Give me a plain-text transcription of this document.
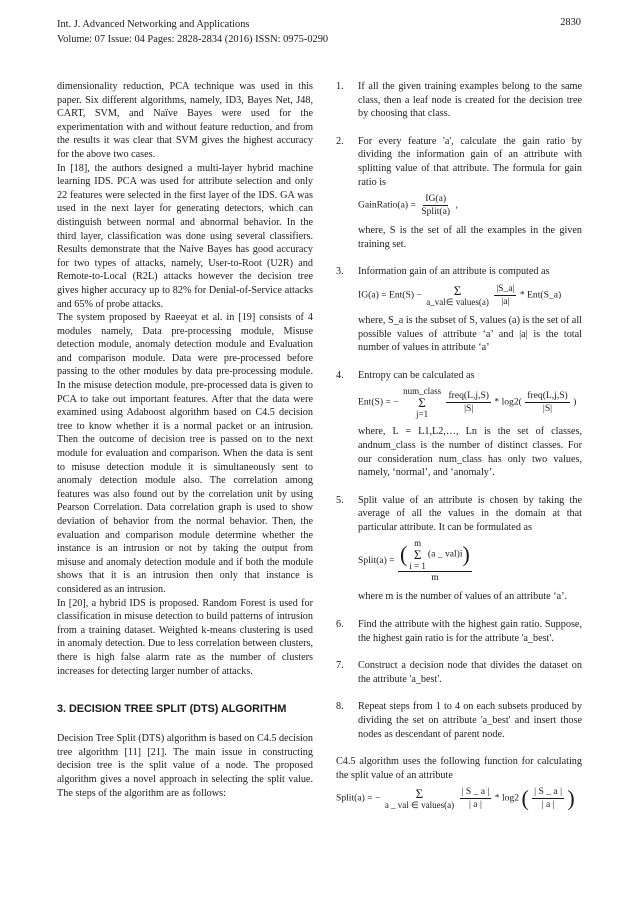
Int. J. Advanced Networking and Applications
Volume: 07 Issue: 04 Pages: 2828-2834 (2016) ISSN: 0975-0290
2830

dimensionality reduction, PCA technique was used in this paper. Six different algorithms, namely, ID3, Bayes Net, J48, CART, SVM, and Naïve Bayes were used for the experimentation with and without feature reduction, and from the results it was clear that SVM gives the highest accuracy for the above two cases.

In [18], the authors designed a multi-layer hybrid machine learning IDS. PCA was used for attribute selection and only 22 features were selected in the first layer of the IDS. GA was used in the next layer for generating detectors, which can distinguish between normal and abnormal behavior. In the third layer, classification was done using several classifiers. Results demonstrate that the Naive Bayes has good accuracy for two types of attacks, namely, User-to-Root (U2R) and Remote-to-Local (R2L) attacks however the decision tree gives higher accuracy up to 82% for Denial-of-Service attacks and 65% of probe attacks.

The system proposed by Raeeyat et al. in [19] consists of 4 modules namely, Data pre-processing module, Misuse detection module, anomaly detection module and Evaluation and comparison module. Data were pre-processed before passing to the other modules by data pre-processing module. In the misuse detection module, pre-processed data is given to PCA to take out important features. After that the data were examined using Adaboost algorithm based on C4.5 decision tree to know whether it is a normal packet or an intrusion. Then the outcome of decision tree is passed on to the next module for evaluation and comparison. When the data is sent to misuse detection module it is simultaneously sent to anomaly detection module also. The correlation among features was also found out by the correlation unit by using Pearson Correlation. Data correlation graph is used to show deviation of behavior from the normal behavior. Then, the evaluation and comparison module determine whether the instance is an intrusion or not by taking the output from misuse and anomaly detection module and if both the module shows that it is an intrusion then only that instance is considered as an intrusion.

In [20], a hybrid IDS is proposed. Random Forest is used for classification in misuse detection to build patterns of intrusion from a training dataset. Weighted k-means clustering is used in anomaly detection. Due to less correlation between clusters, there is high false alarm rate as the number of clusters increases for detecting larger number of attacks.

3. DECISION TREE SPLIT (DTS) ALGORITHM

Decision Tree Split (DTS) algorithm is based on C4.5 decision tree algorithm [11] [21]. The main issue in constructing decision tree is the split value of a node. The proposed algorithm gives a novel approach in selecting the split value. The steps of the algorithm are as follows:

1.	If all the given training examples belong to the same class, then a leaf node is created for the decision tree by choosing that class.
2.	For every feature 'a', calculate the gain ratio by dividing the information gain of an attribute with splitting value of that attribute. The formula for gain ratio is
GainRatio(a) = $\frac{IG(a)}{\text{Split(a)}}$ ,
where, S is the set of all the examples in the given training set.
3.	Information gain of an attribute is computed as
IG(a) = Ent(S) − Σ
a_val∈ values(a)
$\frac{|S\_a|}{|a|}$ * Ent(S_a)
where, S_a is the subset of S, values (a) is the set of all possible values of attribute ‘a’ and |a| is the total number of values in attribute ‘a’
4.	Entropy can be calculated as
Ent(S) = −
num_class
Σ
j=1
$\frac{\text{freq(L,j,S)}}{|S|} * \log 2( \frac{\text{freq(L,j,S)}}{|S|}$ )
where, L = L1,L2,…, Ln is the set of classes, andnum_class is the number of distinct classes. For our consideration num_class has only two values, namely, ‘normal’, and ‘anomaly’.
5.	Split value of an attribute is chosen by taking the average of all the values in the domain at that particular attribute. It can be formulated as
Split(a) = ( m
Σ
i = 1
(a _ val)i)
m
where m is the number of values of an attribute ‘a’.
6.	Find the attribute with the highest gain ratio. Suppose, the highest gain ratio is for the attribute 'a_best'.
7.	Construct a decision node that divides the dataset on the attribute 'a_best'.
8.	Repeat steps from 1 to 4 on each subsets produced by dividing the set on attribute 'a_best' and insert those nodes as descendant of parent node.

C4.5 algorithm uses the following function for calculating the split value of an attribute

Split(a) = −	Σ
a _ val ∈ values(a)
$\frac{| S \_ a |}{| a |} * \log 2$ ( $\frac{| S \_ a |}{| a |}$ )
